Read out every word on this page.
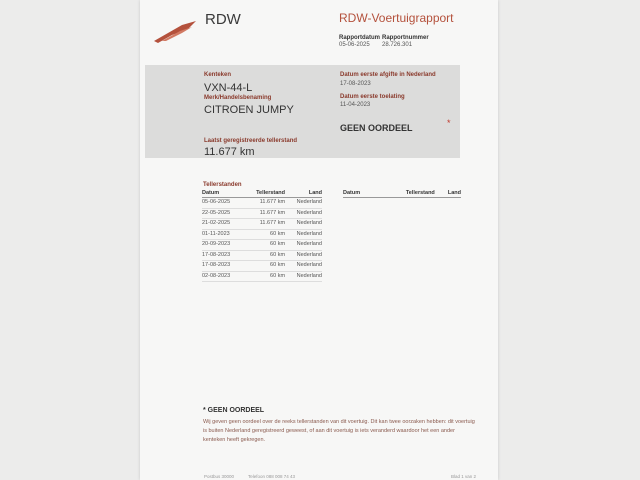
RDW	RDW-Voertuigrapport
Rapportdatum
05-06-2025
Rapportnummer
28.726.301
Kenteken
VXN-44-L
Merk/Handelsbenaming
CITROEN JUMPY
Datum eerste afgifte in Nederland
17-08-2023
Datum eerste toelating
11-04-2023
GEEN OORDEEL	*
Laatst geregistreerde tellerstand
11.677 km
Tellerstanden
Datum	Tellerstand	Land
05-06-2025	11.677 km	Nederland
22-05-2025	11.677 km	Nederland
21-02-2025	11.677 km	Nederland
01-11-2023	60 km	Nederland
20-09-2023	60 km	Nederland
17-08-2023	60 km	Nederland
17-08-2023	60 km	Nederland
02-08-2023	60 km	Nederland
Datum	Tellerstand	Land
* GEEN OORDEEL
Wij geven geen oordeel over de reeks tellerstanden van dit voertuig. Dit kan twee oorzaken hebben: dit voertuig is buiten Nederland geregistreerd geweest, of aan dit voertuig is iets veranderd waardoor het een ander kenteken heeft gekregen.
Postbus 30000	Telefoon 088 008 74 43	Blad 1 van 2
